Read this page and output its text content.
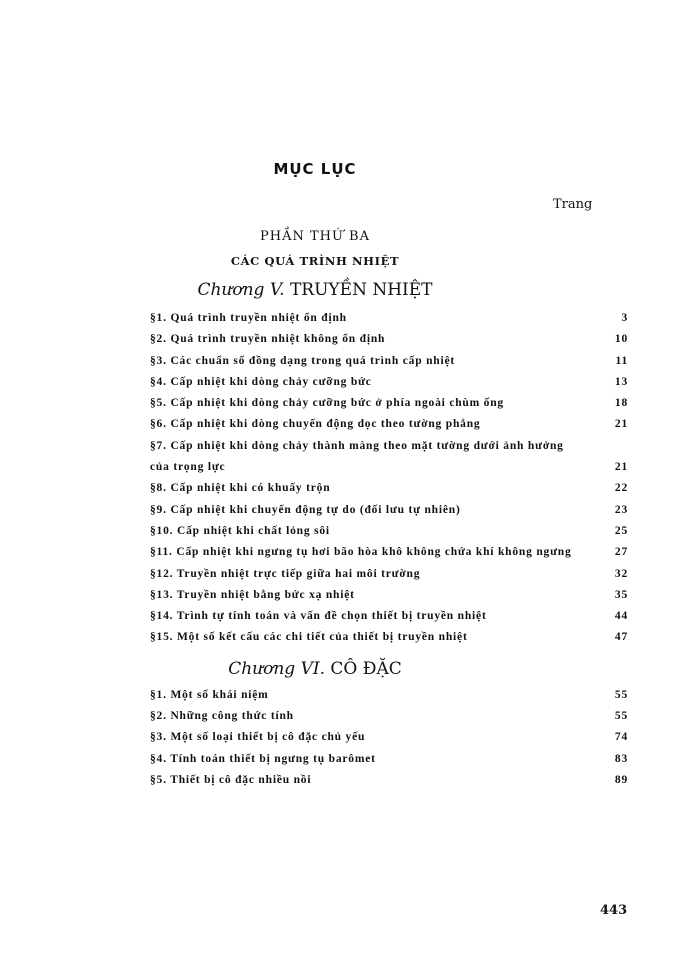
MỤC LỤC
Trang
PHẦN THỨ BA
CÁC QUÁ TRÌNH NHIỆT
Chương V. TRUYỀN NHIỆT
§1. Quá trình truyền nhiệt ổn định	3
§2. Quá trình truyền nhiệt không ổn định	10
§3. Các chuẩn số đồng dạng trong quá trình cấp nhiệt	11
§4. Cấp nhiệt khi dòng chảy cưỡng bức	13
§5. Cấp nhiệt khi dòng chảy cưỡng bức ở phía ngoài chùm ống	18
§6. Cấp nhiệt khi dòng chuyển động dọc theo tường phẳng	21
§7. Cấp nhiệt khi dòng chảy thành màng theo mặt tường dưới ảnh hưởng của trọng lực	21
§8. Cấp nhiệt khi có khuấy trộn	22
§9. Cấp nhiệt khi chuyển động tự do (đối lưu tự nhiên)	23
§10. Cấp nhiệt khi chất lỏng sôi	25
§11. Cấp nhiệt khi ngưng tụ hơi bão hòa khô không chứa khí không ngưng	27
§12. Truyền nhiệt trực tiếp giữa hai môi trường	32
§13. Truyền nhiệt bằng bức xạ nhiệt	35
§14. Trình tự tính toán và vấn đề chọn thiết bị truyền nhiệt	44
§15. Một số kết cấu các chi tiết của thiết bị truyền nhiệt	47
Chương VI. CÔ ĐẶC
§1. Một số khái niệm	55
§2. Những công thức tính	55
§3. Một số loại thiết bị cô đặc chủ yếu	74
§4. Tính toán thiết bị ngưng tụ barômet	83
§5. Thiết bị cô đặc nhiều nồi	89
443
